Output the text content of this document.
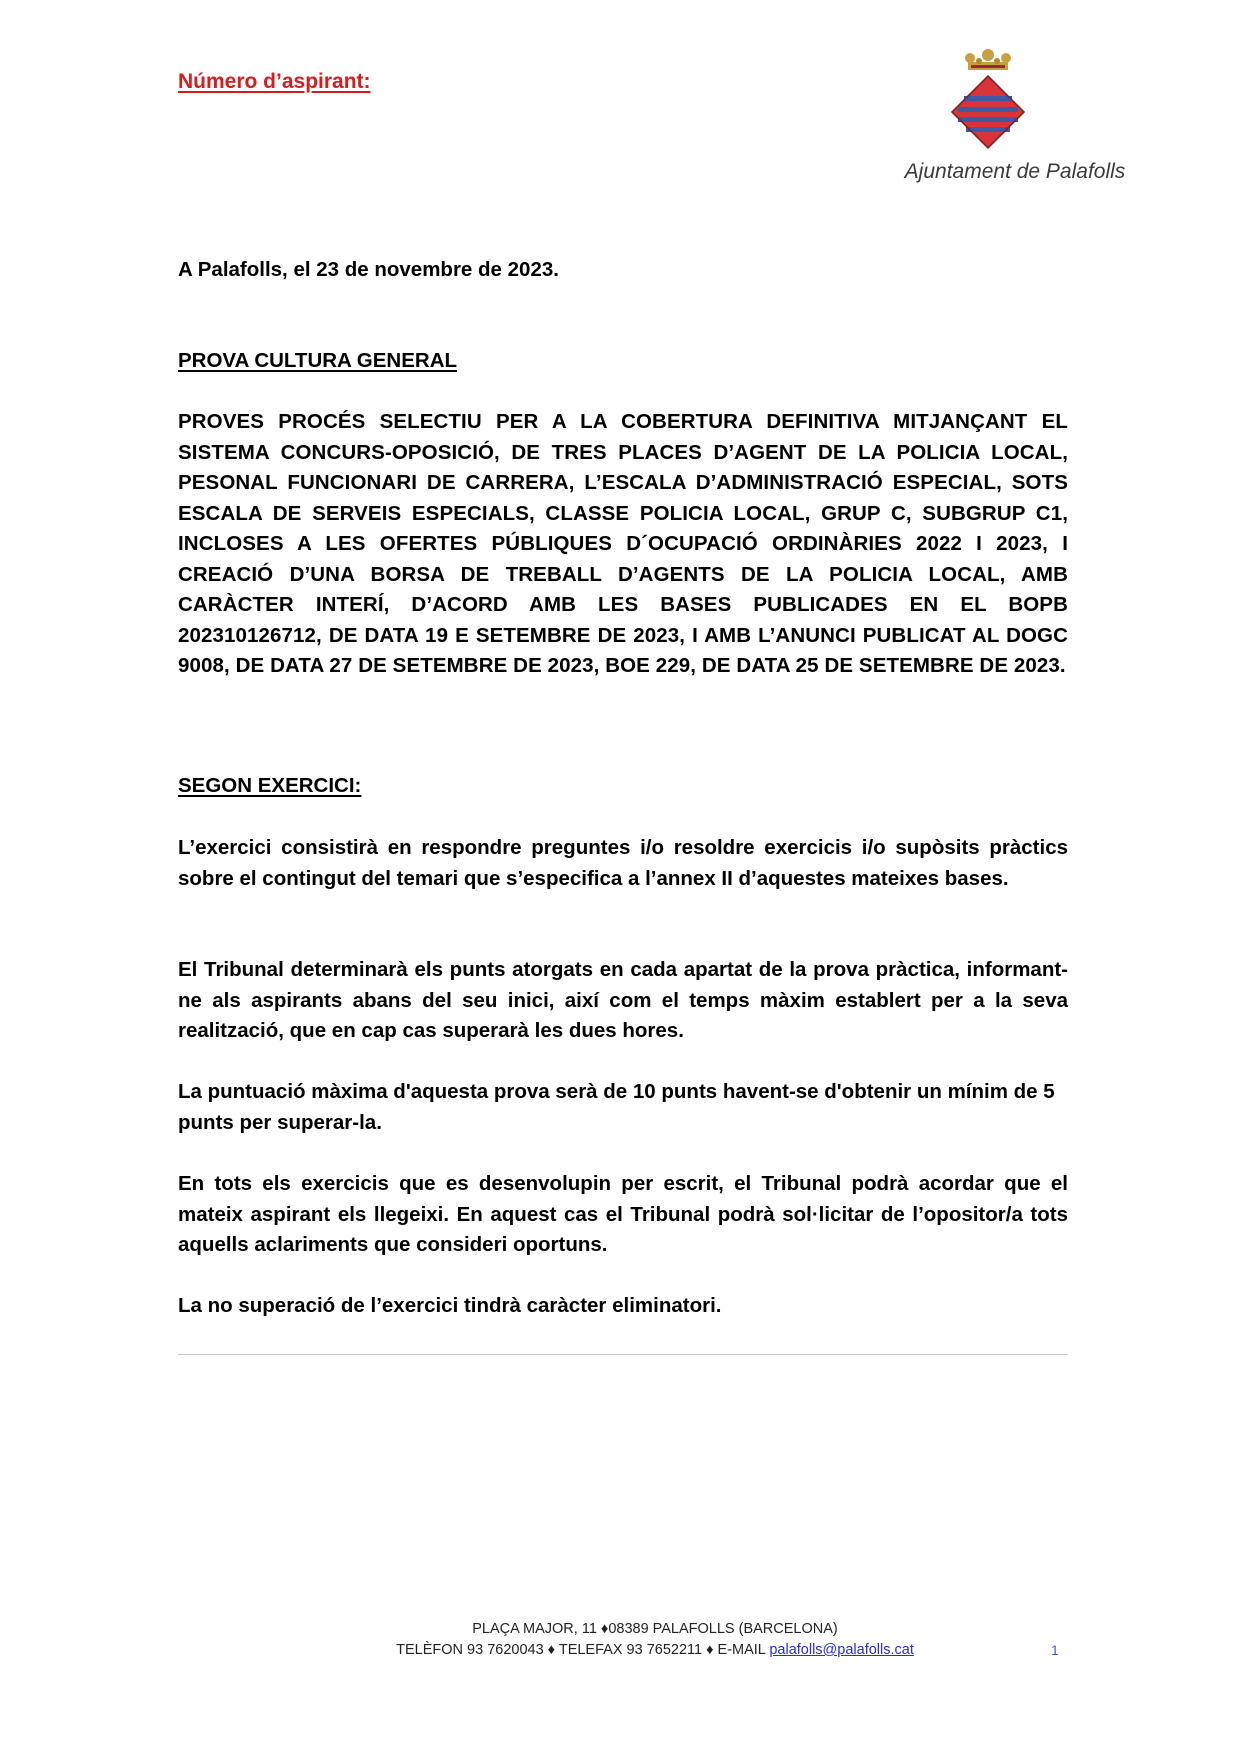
Número d’aspirant:

Ajuntament de Palafolls

A Palafolls, el 23 de novembre de 2023.

PROVA CULTURA GENERAL

PROVES PROCÉS SELECTIU PER A LA COBERTURA DEFINITIVA MITJANÇANT EL SISTEMA CONCURS-OPOSICIÓ, DE TRES PLACES D’AGENT DE LA POLICIA LOCAL, PESONAL FUNCIONARI DE CARRERA, L’ESCALA D’ADMINISTRACIÓ ESPECIAL, SOTS ESCALA DE SERVEIS ESPECIALS, CLASSE POLICIA LOCAL, GRUP C, SUBGRUP C1, INCLOSES A LES OFERTES PÚBLIQUES D´OCUPACIÓ ORDINÀRIES 2022 I 2023, I CREACIÓ D’UNA BORSA DE TREBALL D’AGENTS DE LA POLICIA LOCAL, AMB CARÀCTER INTERÍ, D’ACORD AMB LES BASES PUBLICADES EN EL BOPB 202310126712, DE DATA 19 E SETEMBRE DE 2023, I AMB L’ANUNCI PUBLICAT AL DOGC 9008, DE DATA 27 DE SETEMBRE DE 2023, BOE 229, DE DATA 25 DE SETEMBRE DE 2023.

SEGON EXERCICI:

L’exercici consistirà en respondre preguntes i/o resoldre exercicis i/o supòsits pràctics sobre el contingut del temari que s’especifica a l’annex II d’aquestes mateixes bases.

El Tribunal determinarà els punts atorgats en cada apartat de la prova pràctica, informant-ne als aspirants abans del seu inici, així com el temps màxim establert per a la seva realització, que en cap cas superarà les dues hores.

La puntuació màxima d'aquesta prova serà de 10 punts havent-se d'obtenir un mínim de 5 punts per superar-la.

En tots els exercicis que es desenvolupin per escrit, el Tribunal podrà acordar que el mateix aspirant els llegeixi. En aquest cas el Tribunal podrà sol·licitar de l’opositor/a tots aquells aclariments que consideri oportuns.

La no superació de l’exercici tindrà caràcter eliminatori.

PLAÇA MAJOR, 11 ♦08389 PALAFOLLS (BARCELONA)
TELÈFON 93 7620043 ♦ TELEFAX 93 7652211 ♦ E-MAIL palafolls@palafolls.cat	1
